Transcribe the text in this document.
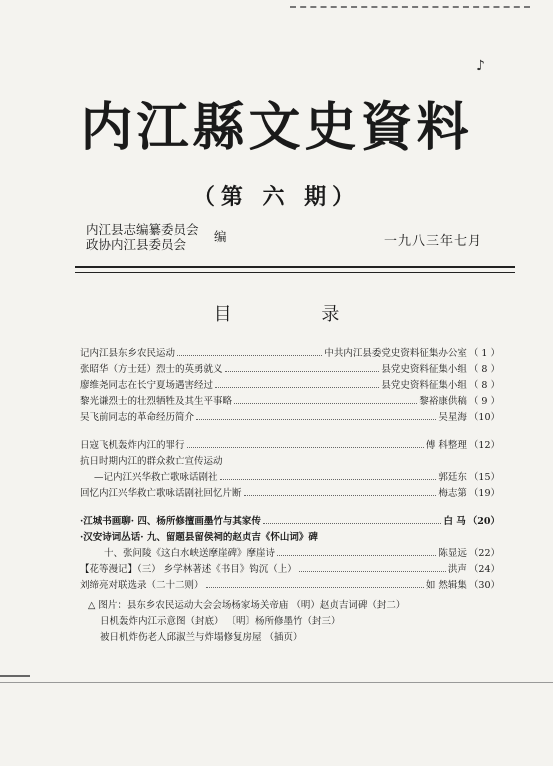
♪
内江縣文史資料
（第 六 期）
内江县志编纂委员会
政协内江县委员会
编	一九八三年七月
目 录
记内江县东乡农民运动	中共内江县委党史资料征集办公室 （ 1 ）
张昭华（方士廷）烈士的英勇就义	县党史资料征集小组 （ 8 ）
廖维尧同志在长宁夏场遇害经过	县党史资料征集小组 （ 8 ）
黎光谦烈士的壮烈牺牲及其生平事略	黎裕康供稿 （ 9 ）
吴飞前同志的革命经历简介	吴星海 （10）
日寇飞机轰炸内江的罪行	傅 科整理 （12）
抗日时期内江的群众救亡宣传运动
—记内江兴华救亡歌咏话剧社	郭廷东 （15）
回忆内江兴华救亡歌咏话剧社回忆片断	梅志第 （19）
·江城书画聊· 四、杨所修擅画墨竹与其家传	白 马 （20）
·汉安诗词丛话· 九、留题县留侯祠的赵贞吉《怀山词》碑
十、张问陵《这白水峡送摩崖碑》摩崖诗	陈显远 （22）
【花等漫记】（三） 乡学林著述《书目》钩沉（上）	洪声 （24）
刘缔亮对联选录（二十二则）	如 然辑集 （30）
△ 图片：县东乡农民运动大会会场杨家场关帝庙 （明）赵贞吉词碑（封二）
日机轰炸内江示意图（封底） 〔明〕杨所修墨竹（封三）
被日机炸伤老人邱淑兰与炸塌修复房屋 （插页）
